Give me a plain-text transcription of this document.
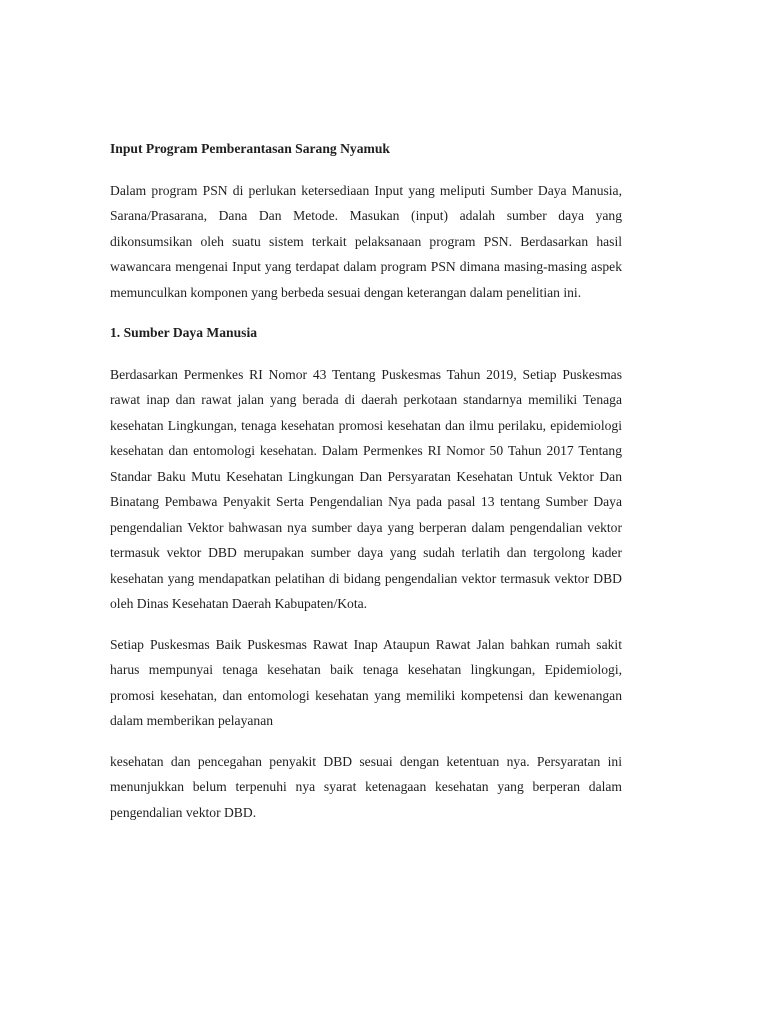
Input Program Pemberantasan Sarang Nyamuk

Dalam program PSN di perlukan ketersediaan Input yang meliputi Sumber Daya Manusia, Sarana/Prasarana, Dana Dan Metode. Masukan (input) adalah sumber daya yang dikonsumsikan oleh suatu sistem terkait pelaksanaan program PSN. Berdasarkan hasil wawancara mengenai Input yang terdapat dalam program PSN dimana masing-masing aspek memunculkan komponen yang berbeda sesuai dengan keterangan dalam penelitian ini.

1. Sumber Daya Manusia

Berdasarkan Permenkes RI Nomor 43 Tentang Puskesmas Tahun 2019, Setiap Puskesmas rawat inap dan rawat jalan yang berada di daerah perkotaan standarnya memiliki Tenaga kesehatan Lingkungan, tenaga kesehatan promosi kesehatan dan ilmu perilaku, epidemiologi kesehatan dan entomologi kesehatan. Dalam Permenkes RI Nomor 50 Tahun 2017 Tentang Standar Baku Mutu Kesehatan Lingkungan Dan Persyaratan Kesehatan Untuk Vektor Dan Binatang Pembawa Penyakit Serta Pengendalian Nya pada pasal 13 tentang Sumber Daya pengendalian Vektor bahwasan nya sumber daya yang berperan dalam pengendalian vektor termasuk vektor DBD merupakan sumber daya yang sudah terlatih dan tergolong kader kesehatan yang mendapatkan pelatihan di bidang pengendalian vektor termasuk vektor DBD oleh Dinas Kesehatan Daerah Kabupaten/Kota.

Setiap Puskesmas Baik Puskesmas Rawat Inap Ataupun Rawat Jalan bahkan rumah sakit harus mempunyai tenaga kesehatan baik tenaga kesehatan lingkungan, Epidemiologi, promosi kesehatan, dan entomologi kesehatan yang memiliki kompetensi dan kewenangan dalam memberikan pelayanan

kesehatan dan pencegahan penyakit DBD sesuai dengan ketentuan nya. Persyaratan ini menunjukkan belum terpenuhi nya syarat ketenagaan kesehatan yang berperan dalam pengendalian vektor DBD.
